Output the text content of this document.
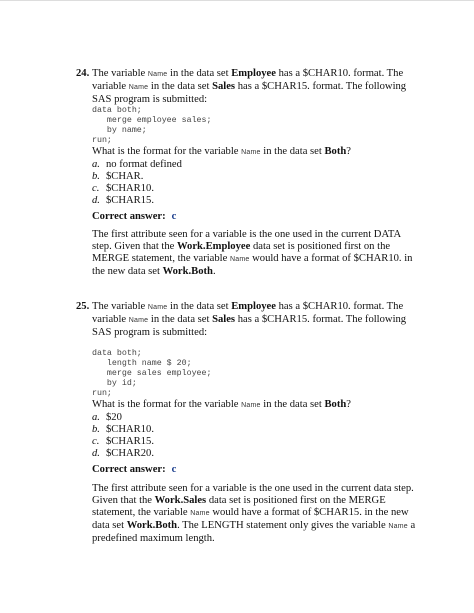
24. The variable Name in the data set Employee has a $CHAR10. format. The variable Name in the data set Sales has a $CHAR15. format. The following SAS program is submitted:

data both;
merge employee sales;
by name;
run;

What is the format for the variable Name in the data set Both?

a. no format defined

b. $CHAR.

c. $CHAR10.

d. $CHAR15.

Correct answer: c

The first attribute seen for a variable is the one used in the current DATA step. Given that the Work.Employee data set is positioned first on the MERGE statement, the variable Name would have a format of $CHAR10. in the new data set Work.Both.

25. The variable Name in the data set Employee has a $CHAR10. format. The variable Name in the data set Sales has a $CHAR15. format. The following SAS program is submitted:

data both;
length name $ 20;
merge sales employee;
by id;
run;

What is the format for the variable Name in the data set Both?

a. $20

b. $CHAR10.

c. $CHAR15.

d. $CHAR20.

Correct answer: c

The first attribute seen for a variable is the one used in the current data step. Given that the Work.Sales data set is positioned first on the MERGE statement, the variable Name would have a format of $CHAR15. in the new data set Work.Both. The LENGTH statement only gives the variable Name a predefined maximum length.
